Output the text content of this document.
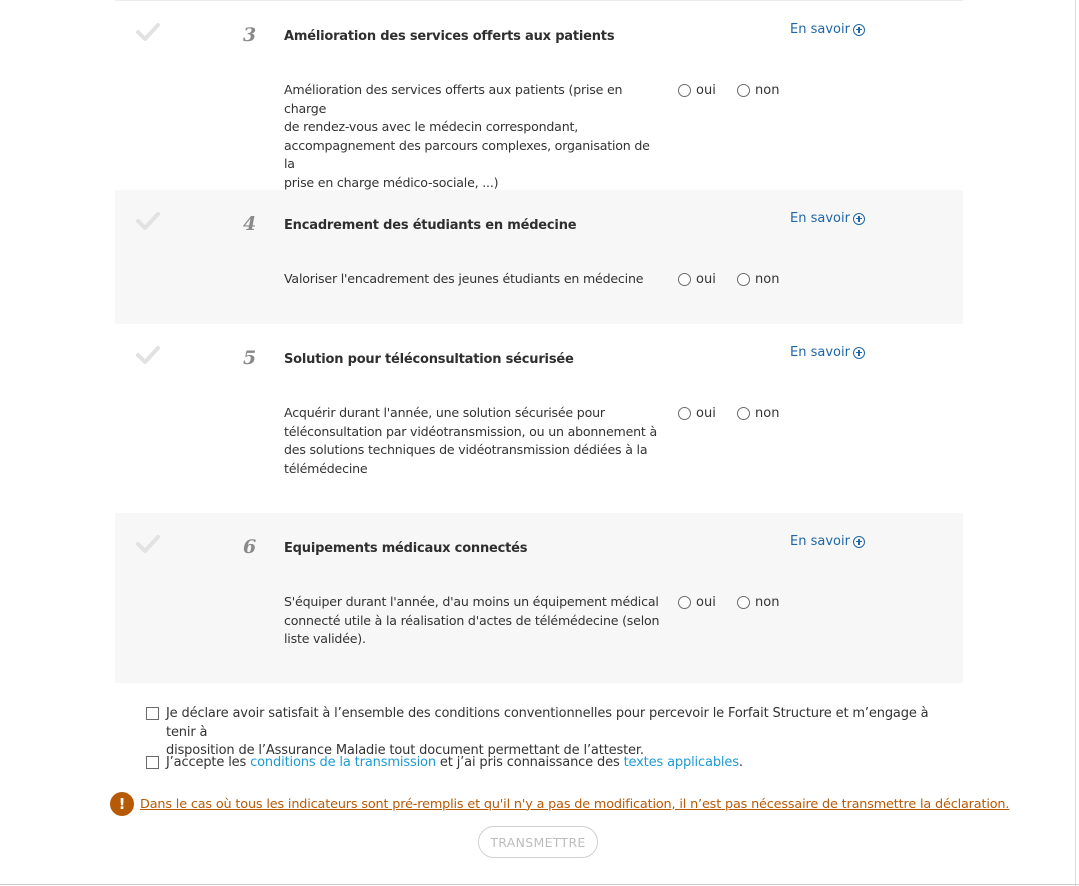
3	Amélioration des services offerts aux patients	En savoir
Amélioration des services offerts aux patients (prise en charge
de rendez-vous avec le médecin correspondant,
accompagnement des parcours complexes, organisation de la
prise en charge médico-sociale, ...)
oui	non
4	Encadrement des étudiants en médecine	En savoir
Valoriser l'encadrement des jeunes étudiants en médecine	oui	non
5	Solution pour téléconsultation sécurisée	En savoir
Acquérir durant l'année, une solution sécurisée pour
téléconsultation par vidéotransmission, ou un abonnement à
des solutions techniques de vidéotransmission dédiées à la
télémédecine
oui	non
6	Equipements médicaux connectés	En savoir
S'équiper durant l'année, d'au moins un équipement médical
connecté utile à la réalisation d'actes de télémédecine (selon
liste validée).
oui	non
Je déclare avoir satisfait à l’ensemble des conditions conventionnelles pour percevoir le Forfait Structure et m’engage à tenir à
disposition de l’Assurance Maladie tout document permettant de l’attester.
J’accepte les conditions de la transmission et j’ai pris connaissance des textes applicables.
!	Dans le cas où tous les indicateurs sont pré-remplis et qu'il n'y a pas de modification, il n’est pas nécessaire de transmettre la déclaration.
TRANSMETTRE
